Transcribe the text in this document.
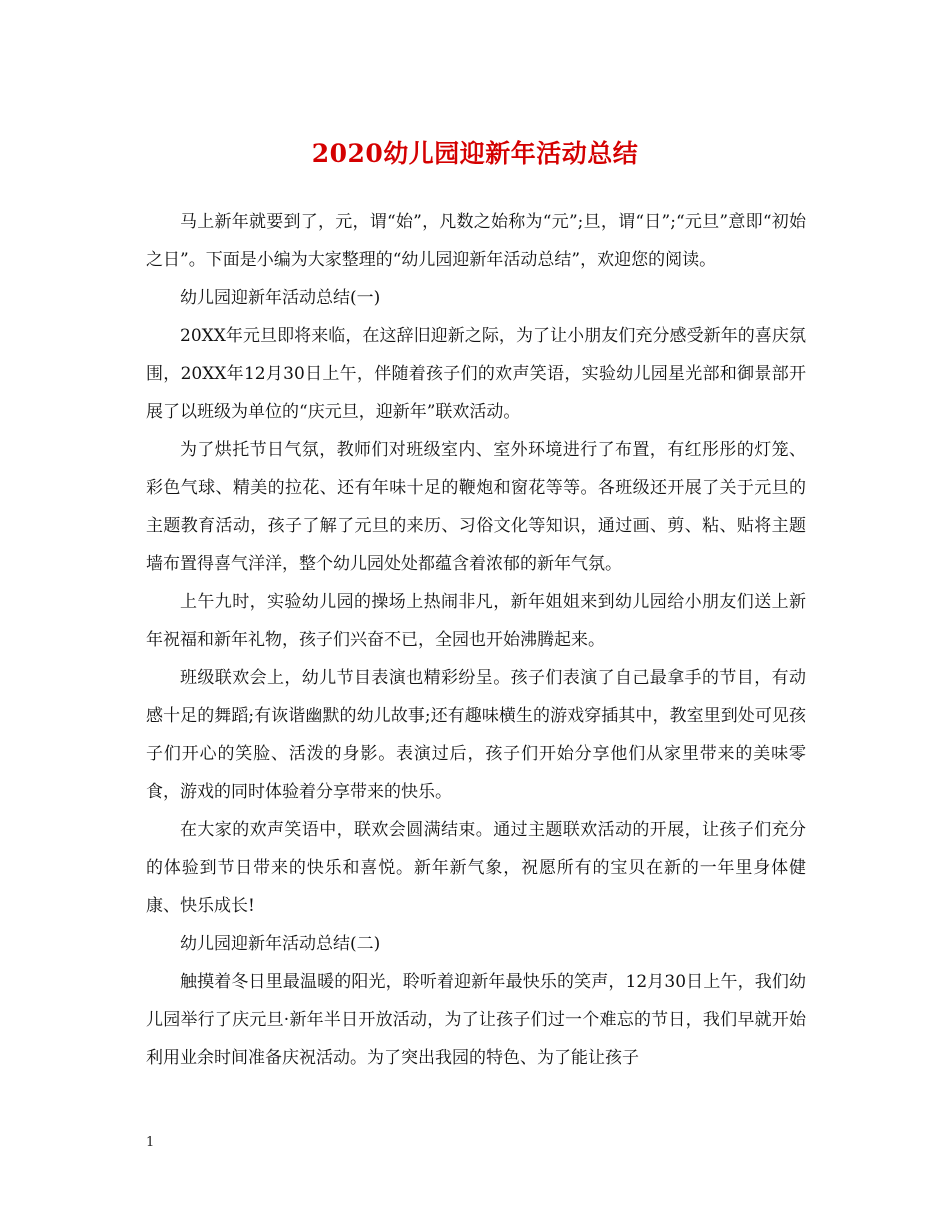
2020幼儿园迎新年活动总结

马上新年就要到了，元，谓“始”，凡数之始称为“元”;旦，谓“日”;“元旦”意即“初始之日”。下面是小编为大家整理的“幼儿园迎新年活动总结”，欢迎您的阅读。

幼儿园迎新年活动总结(一)

20XX年元旦即将来临，在这辞旧迎新之际，为了让小朋友们充分感受新年的喜庆氛围，20XX年12月30日上午，伴随着孩子们的欢声笑语，实验幼儿园星光部和御景部开展了以班级为单位的“庆元旦，迎新年”联欢活动。

为了烘托节日气氛，教师们对班级室内、室外环境进行了布置，有红彤彤的灯笼、彩色气球、精美的拉花、还有年味十足的鞭炮和窗花等等。各班级还开展了关于元旦的主题教育活动，孩子了解了元旦的来历、习俗文化等知识，通过画、剪、粘、贴将主题墙布置得喜气洋洋，整个幼儿园处处都蕴含着浓郁的新年气氛。

上午九时，实验幼儿园的操场上热闹非凡，新年姐姐来到幼儿园给小朋友们送上新年祝福和新年礼物，孩子们兴奋不已，全园也开始沸腾起来。

班级联欢会上，幼儿节目表演也精彩纷呈。孩子们表演了自己最拿手的节目，有动感十足的舞蹈;有诙谐幽默的幼儿故事;还有趣味横生的游戏穿插其中，教室里到处可见孩子们开心的笑脸、活泼的身影。表演过后，孩子们开始分享他们从家里带来的美味零食，游戏的同时体验着分享带来的快乐。

在大家的欢声笑语中，联欢会圆满结束。通过主题联欢活动的开展，让孩子们充分的体验到节日带来的快乐和喜悦。新年新气象，祝愿所有的宝贝在新的一年里身体健康、快乐成长!

幼儿园迎新年活动总结(二)

触摸着冬日里最温暖的阳光，聆听着迎新年最快乐的笑声，12月30日上午，我们幼儿园举行了庆元旦·新年半日开放活动，为了让孩子们过一个难忘的节日，我们早就开始利用业余时间准备庆祝活动。为了突出我园的特色、为了能让孩子

1
